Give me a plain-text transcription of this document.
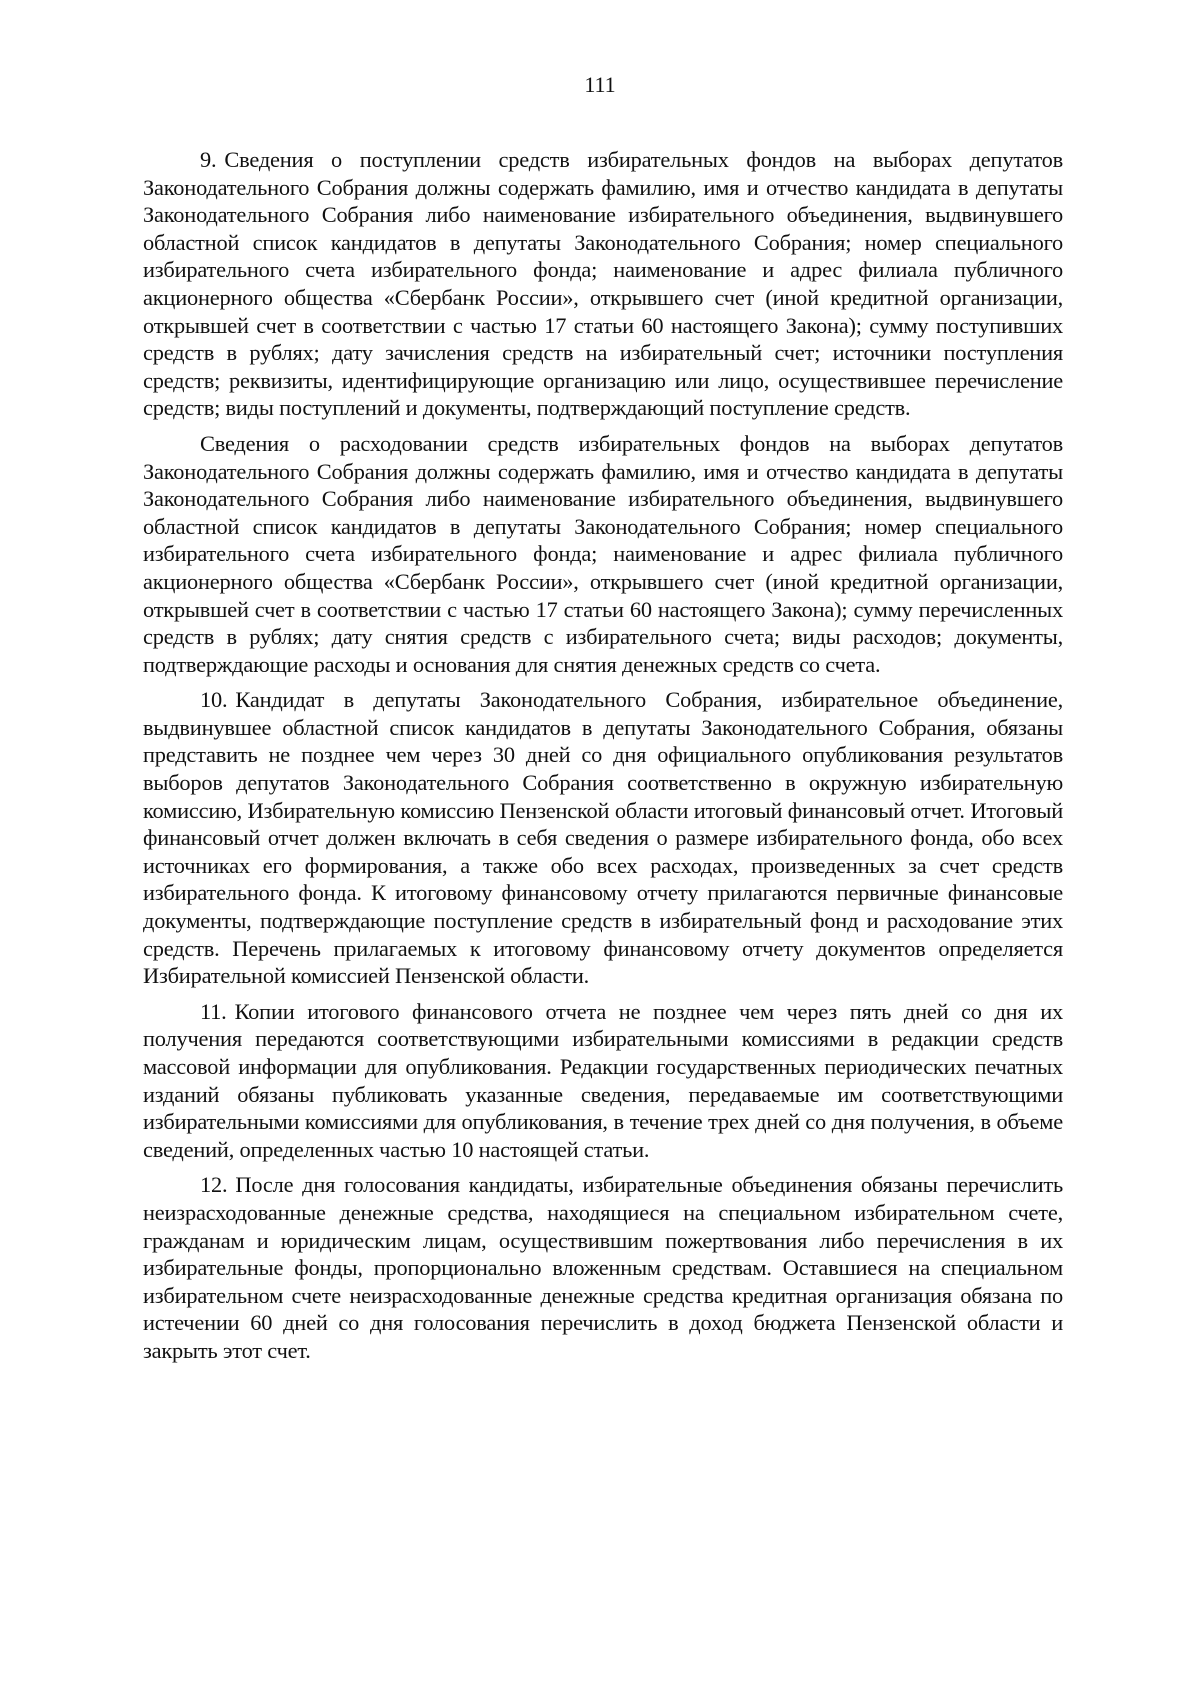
111

9. Сведения о поступлении средств избирательных фондов на выборах депутатов Законодательного Собрания должны содержать фамилию, имя и отчество кандидата в депутаты Законодательного Собрания либо наименование избирательного объединения, выдвинувшего областной список кандидатов в депутаты Законодательного Собрания; номер специального избирательного счета избирательного фонда; наименование и адрес филиала публичного акционерного общества «Сбербанк России», открывшего счет (иной кредитной организации, открывшей счет в соответствии с частью 17 статьи 60 настоящего Закона); сумму поступивших средств в рублях; дату зачисления средств на избирательный счет; источники поступления средств; реквизиты, идентифицирующие организацию или лицо, осуществившее перечисление средств; виды поступлений и документы, подтверждающий поступление средств.

Сведения о расходовании средств избирательных фондов на выборах депутатов Законодательного Собрания должны содержать фамилию, имя и отчество кандидата в депутаты Законодательного Собрания либо наименование избирательного объединения, выдвинувшего областной список кандидатов в депутаты Законодательного Собрания; номер специального избирательного счета избирательного фонда; наименование и адрес филиала публичного акционерного общества «Сбербанк России», открывшего счет (иной кредитной организации, открывшей счет в соответствии с частью 17 статьи 60 настоящего Закона); сумму перечисленных средств в рублях; дату снятия средств с избирательного счета; виды расходов; документы, подтверждающие расходы и основания для снятия денежных средств со счета.

10. Кандидат в депутаты Законодательного Собрания, избирательное объединение, выдвинувшее областной список кандидатов в депутаты Законодательного Собрания, обязаны представить не позднее чем через 30 дней со дня официального опубликования результатов выборов депутатов Законодательного Собрания соответственно в окружную избирательную комиссию, Избирательную комиссию Пензенской области итоговый финансовый отчет. Итоговый финансовый отчет должен включать в себя сведения о размере избирательного фонда, обо всех источниках его формирования, а также обо всех расходах, произведенных за счет средств избирательного фонда. К итоговому финансовому отчету прилагаются первичные финансовые документы, подтверждающие поступление средств в избирательный фонд и расходование этих средств. Перечень прилагаемых к итоговому финансовому отчету документов определяется Избирательной комиссией Пензенской области.

11. Копии итогового финансового отчета не позднее чем через пять дней со дня их получения передаются соответствующими избирательными комиссиями в редакции средств массовой информации для опубликования. Редакции государственных периодических печатных изданий обязаны публиковать указанные сведения, передаваемые им соответствующими избирательными комиссиями для опубликования, в течение трех дней со дня получения, в объеме сведений, определенных частью 10 настоящей статьи.

12. После дня голосования кандидаты, избирательные объединения обязаны перечислить неизрасходованные денежные средства, находящиеся на специальном избирательном счете, гражданам и юридическим лицам, осуществившим пожертвования либо перечисления в их избирательные фонды, пропорционально вложенным средствам. Оставшиеся на специальном избирательном счете неизрасходованные денежные средства кредитная организация обязана по истечении 60 дней со дня голосования перечислить в доход бюджета Пензенской области и закрыть этот счет.
